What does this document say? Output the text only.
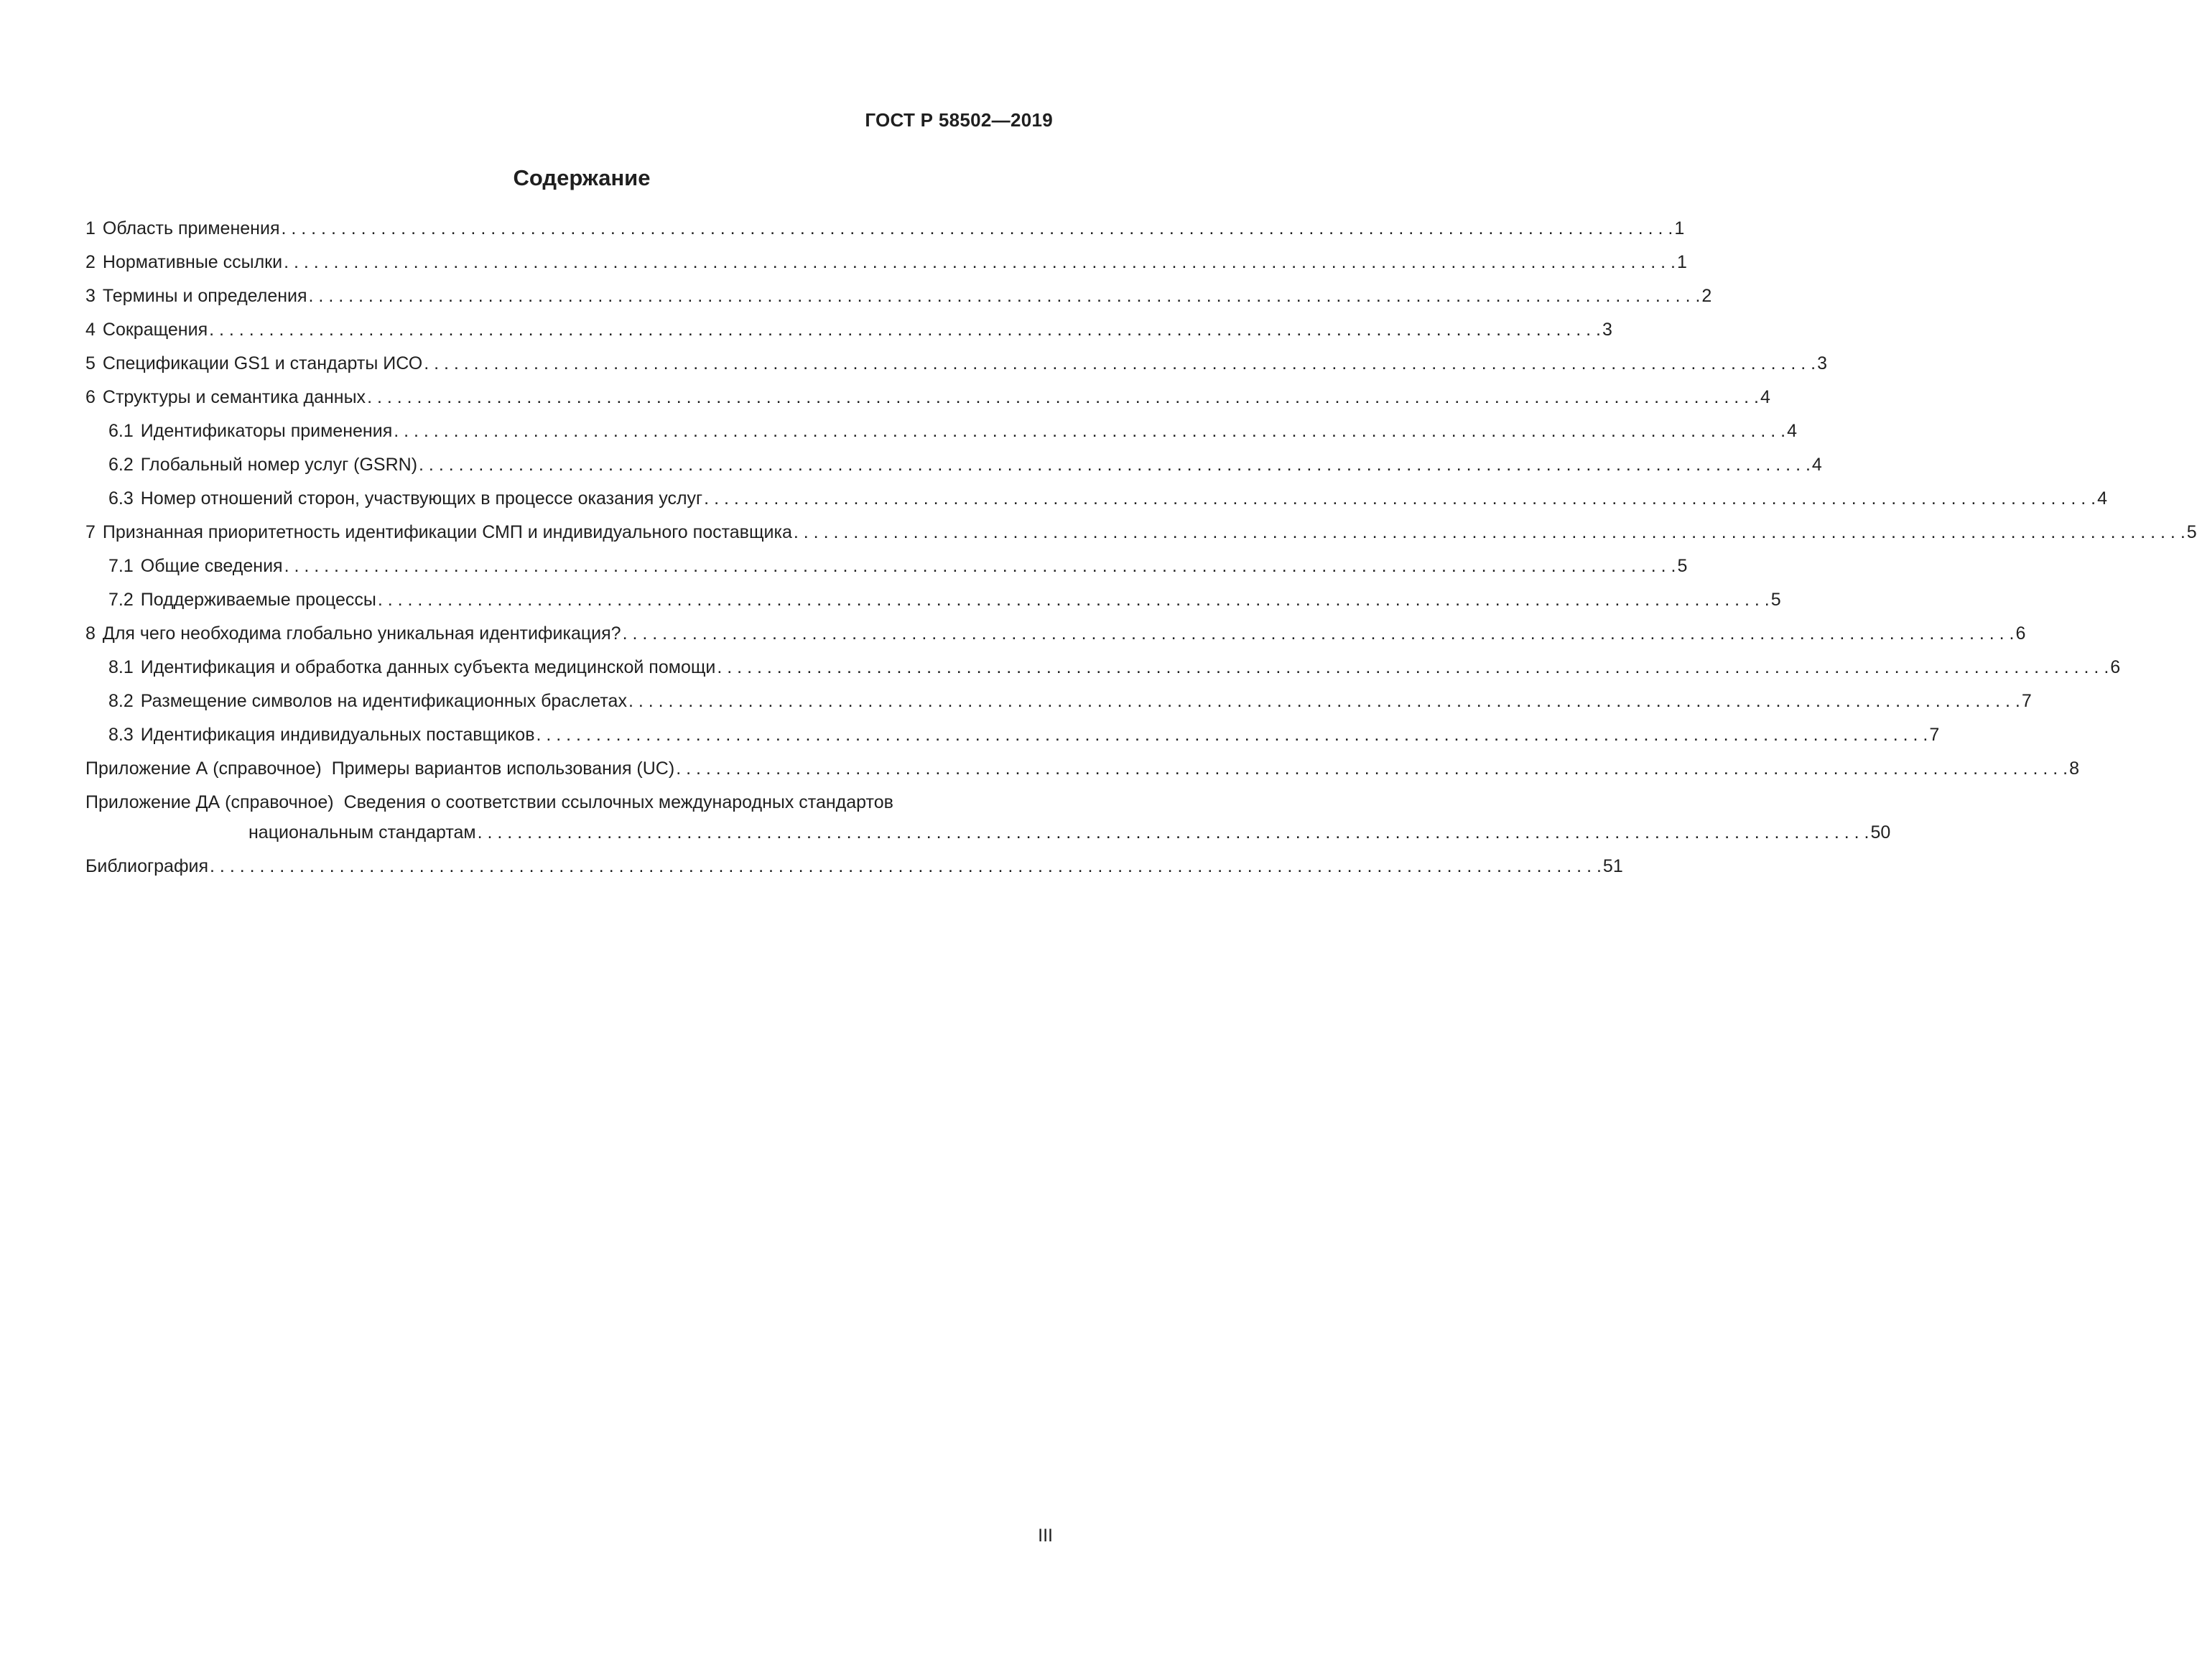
ГОСТ Р 58502—2019
Содержание
1 Область применения . . .	1
2 Нормативные ссылки . . .	1
3 Термины и определения . . .	2
4 Сокращения . . .	3
5 Спецификации GS1 и стандарты ИСО . . .	3
6 Структуры и семантика данных . . .	4
6.1 Идентификаторы применения . . .	4
6.2 Глобальный номер услуг (GSRN) . . .	4
6.3 Номер отношений сторон, участвующих в процессе оказания услуг . . .	4
7 Признанная приоритетность идентификации СМП и индивидуального поставщика . . .	5
7.1 Общие сведения . . .	5
7.2 Поддерживаемые процессы . . .	5
8 Для чего необходима глобально уникальная идентификация? . . .	6
8.1 Идентификация и обработка данных субъекта медицинской помощи . . .	6
8.2 Размещение символов на идентификационных браслетах . . .	7
8.3 Идентификация индивидуальных поставщиков . . .	7
Приложение А (справочное) Примеры вариантов использования (UC) . . .	8
Приложение ДА (справочное) Сведения о соответствии ссылочных международных стандартов
национальным стандартам . . .	50
Библиография . . .	51
III
